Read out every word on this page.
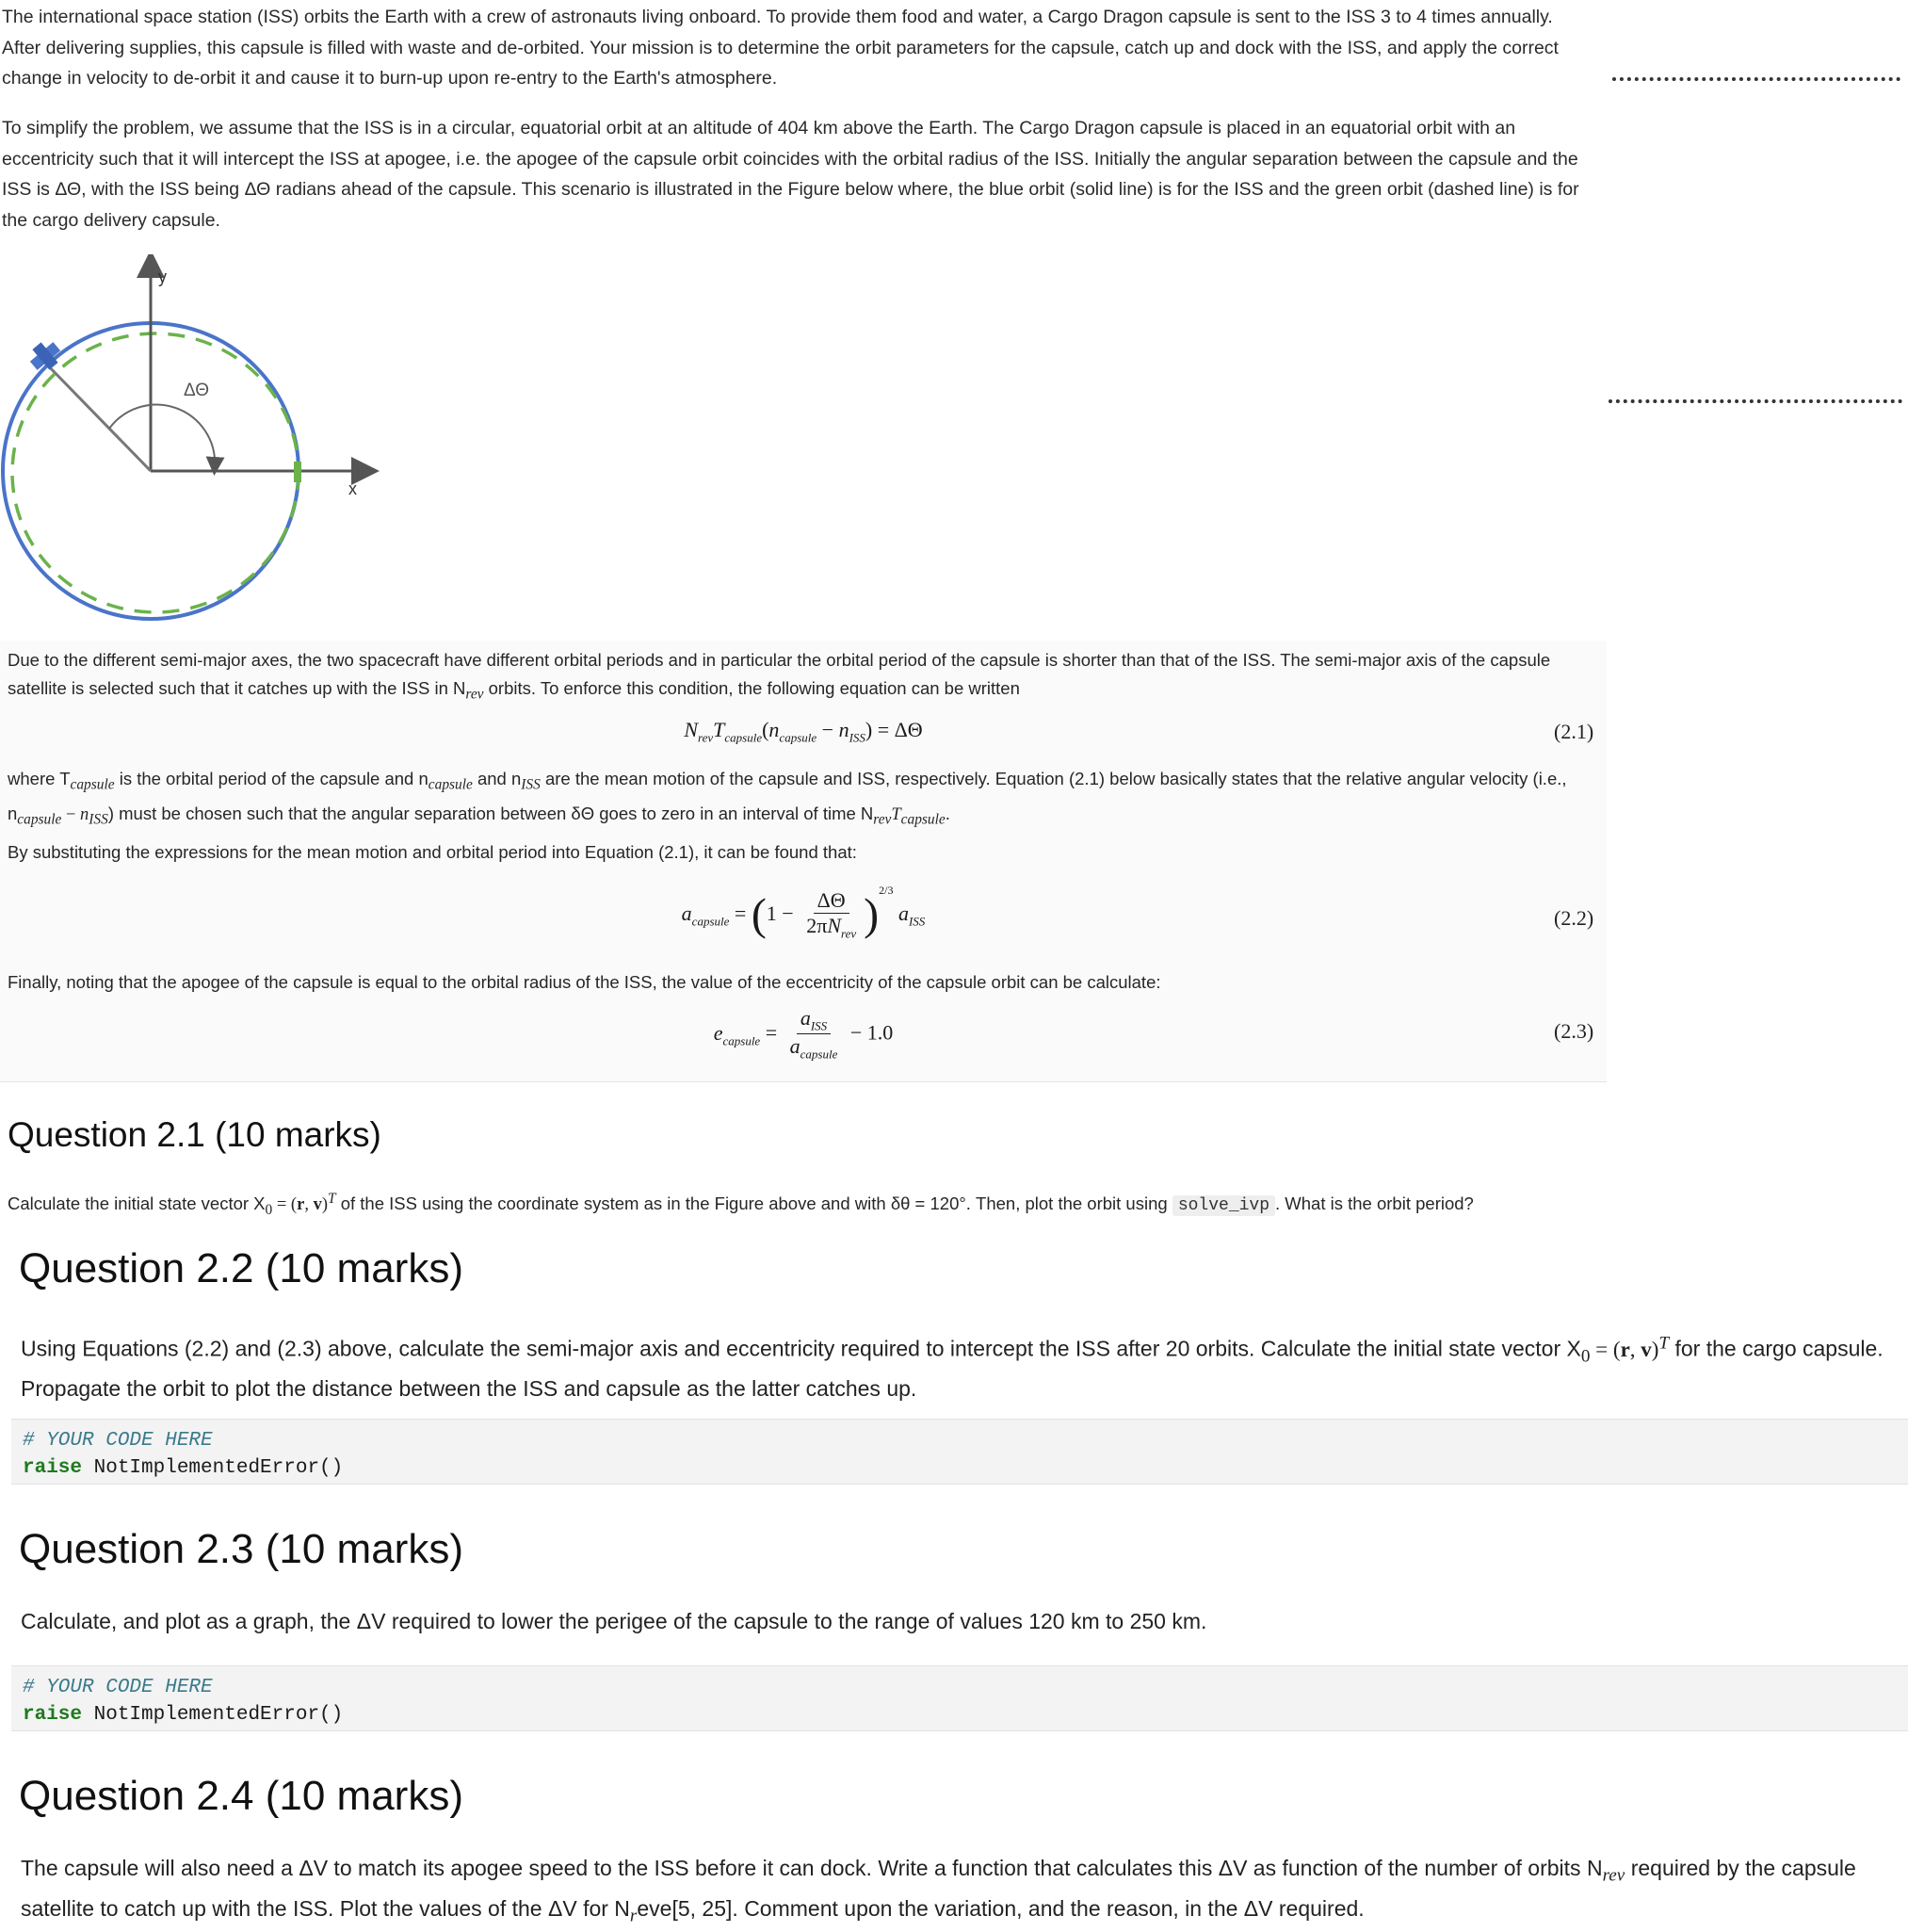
The international space station (ISS) orbits the Earth with a crew of astronauts living onboard. To provide them food and water, a Cargo Dragon capsule is sent to the ISS 3 to 4 times annually. After delivering supplies, this capsule is filled with waste and de-orbited. Your mission is to determine the orbit parameters for the capsule, catch up and dock with the ISS, and apply the correct change in velocity to de-orbit it and cause it to burn-up upon re-entry to the Earth's atmosphere.

To simplify the problem, we assume that the ISS is in a circular, equatorial orbit at an altitude of 404 km above the Earth. The Cargo Dragon capsule is placed in an equatorial orbit with an eccentricity such that it will intercept the ISS at apogee, i.e. the apogee of the capsule orbit coincides with the orbital radius of the ISS. Initially the angular separation between the capsule and the ISS is ΔΘ, with the ISS being ΔΘ radians ahead of the capsule. This scenario is illustrated in the Figure below where, the blue orbit (solid line) is for the ISS and the green orbit (dashed line) is for the cargo delivery capsule.

y
x
ΔΘ

Due to the different semi-major axes, the two spacecraft have different orbital periods and in particular the orbital period of the capsule is shorter than that of the ISS. The semi-major axis of the capsule satellite is selected such that it catches up with the ISS in $N_{rev}$ orbits. To enforce this condition, the following equation can be written

$N_{rev}T_{capsule}(n_{capsule} - n_{ISS}) = \Delta\Theta$	(2.1)

where $T_{capsule}$ is the orbital period of the capsule and $n_{capsule}$ and $n_{ISS}$ are the mean motion of the capsule and ISS, respectively. Equation (2.1) below basically states that the relative angular velocity (i.e., $n_{capsule} - n_{ISS}$) must be chosen such that the angular separation between δΘ goes to zero in an interval of time $N_{rev}T_{capsule}$.

By substituting the expressions for the mean motion and orbital period into Equation (2.1), it can be found that:

$a_{capsule} = (1 - \frac{\Delta\Theta}{2\pi N_{rev}} )^{2/3}$ $a_{ISS}$	(2.2)

Finally, noting that the apogee of the capsule is equal to the orbital radius of the ISS, the value of the eccentricity of the capsule orbit can be calculate:

$e_{capsule} = \frac{a_{ISS}}{a_{capsule}} - 1.0$	(2.3)
Question 2.1 (10 marks)

Calculate the initial state vector $X_0 = (r$, v)$^T$ of the ISS using the coordinate system as in the Figure above and with δθ = 120°. Then, plot the orbit using solve_ivp . What is the orbit period?

Question 2.2 (10 marks)

Using Equations (2.2) and (2.3) above, calculate the semi-major axis and eccentricity required to intercept the ISS after 20 orbits. Calculate the initial state vector $X_0 = (r$, v)$^T$ for the cargo capsule. Propagate the orbit to plot the distance between the ISS and capsule as the latter catches up.

# YOUR CODE HERE
raise NotImplementedError()
Question 2.3 (10 marks)

Calculate, and plot as a graph, the ΔV required to lower the perigee of the capsule to the range of values 120 km to 250 km.

# YOUR CODE HERE
raise NotImplementedError()
Question 2.4 (10 marks)

The capsule will also need a ΔV to match its apogee speed to the ISS before it can dock. Write a function that calculates this ΔV as function of the number of orbits $N_{rev}$ required by the capsule satellite to catch up with the ISS. Plot the values of the ΔV for $N_reve[5$, 25]. Comment upon the variation, and the reason, in the ΔV required.
